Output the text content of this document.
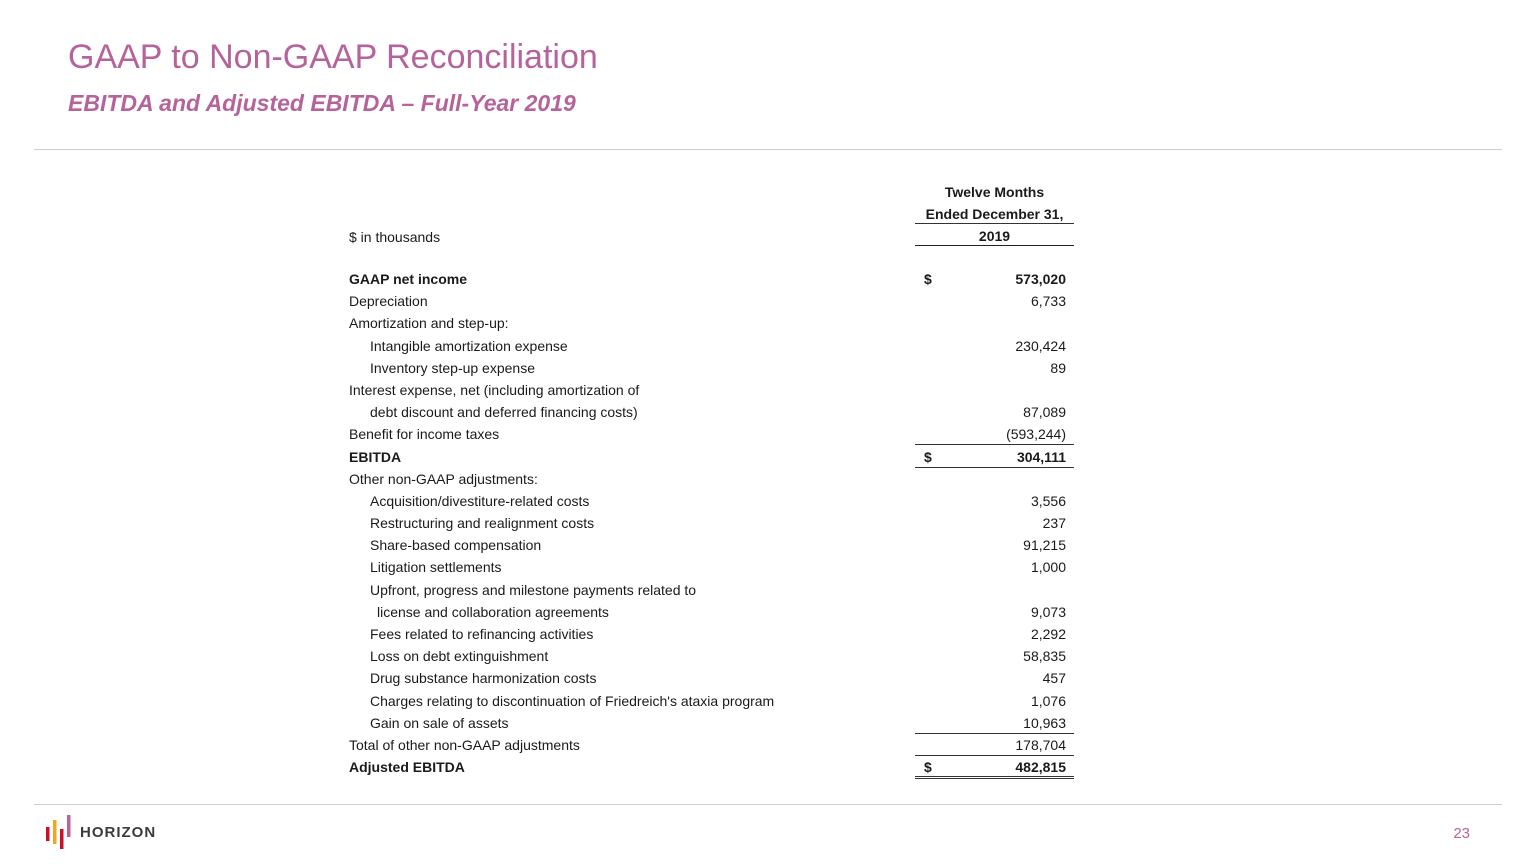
GAAP to Non-GAAP Reconciliation
EBITDA and Adjusted EBITDA – Full-Year 2019
Twelve Months
Ended December 31,
2019
$ in thousands
GAAP net income	$	573,020
Depreciation	6,733
Amortization and step-up:
Intangible amortization expense	230,424
Inventory step-up expense	89
Interest expense, net (including amortization of
debt discount and deferred financing costs)	87,089
Benefit for income taxes	(593,244)
EBITDA	$	304,111
Other non-GAAP adjustments:
Acquisition/divestiture-related costs	3,556
Restructuring and realignment costs	237
Share-based compensation	91,215
Litigation settlements	1,000
Upfront, progress and milestone payments related to
license and collaboration agreements	9,073
Fees related to refinancing activities	2,292
Loss on debt extinguishment	58,835
Drug substance harmonization costs	457
Charges relating to discontinuation of Friedreich's ataxia program	1,076
Gain on sale of assets	10,963
Total of other non-GAAP adjustments	178,704
Adjusted EBITDA	$	482,815
HORIZON	23
